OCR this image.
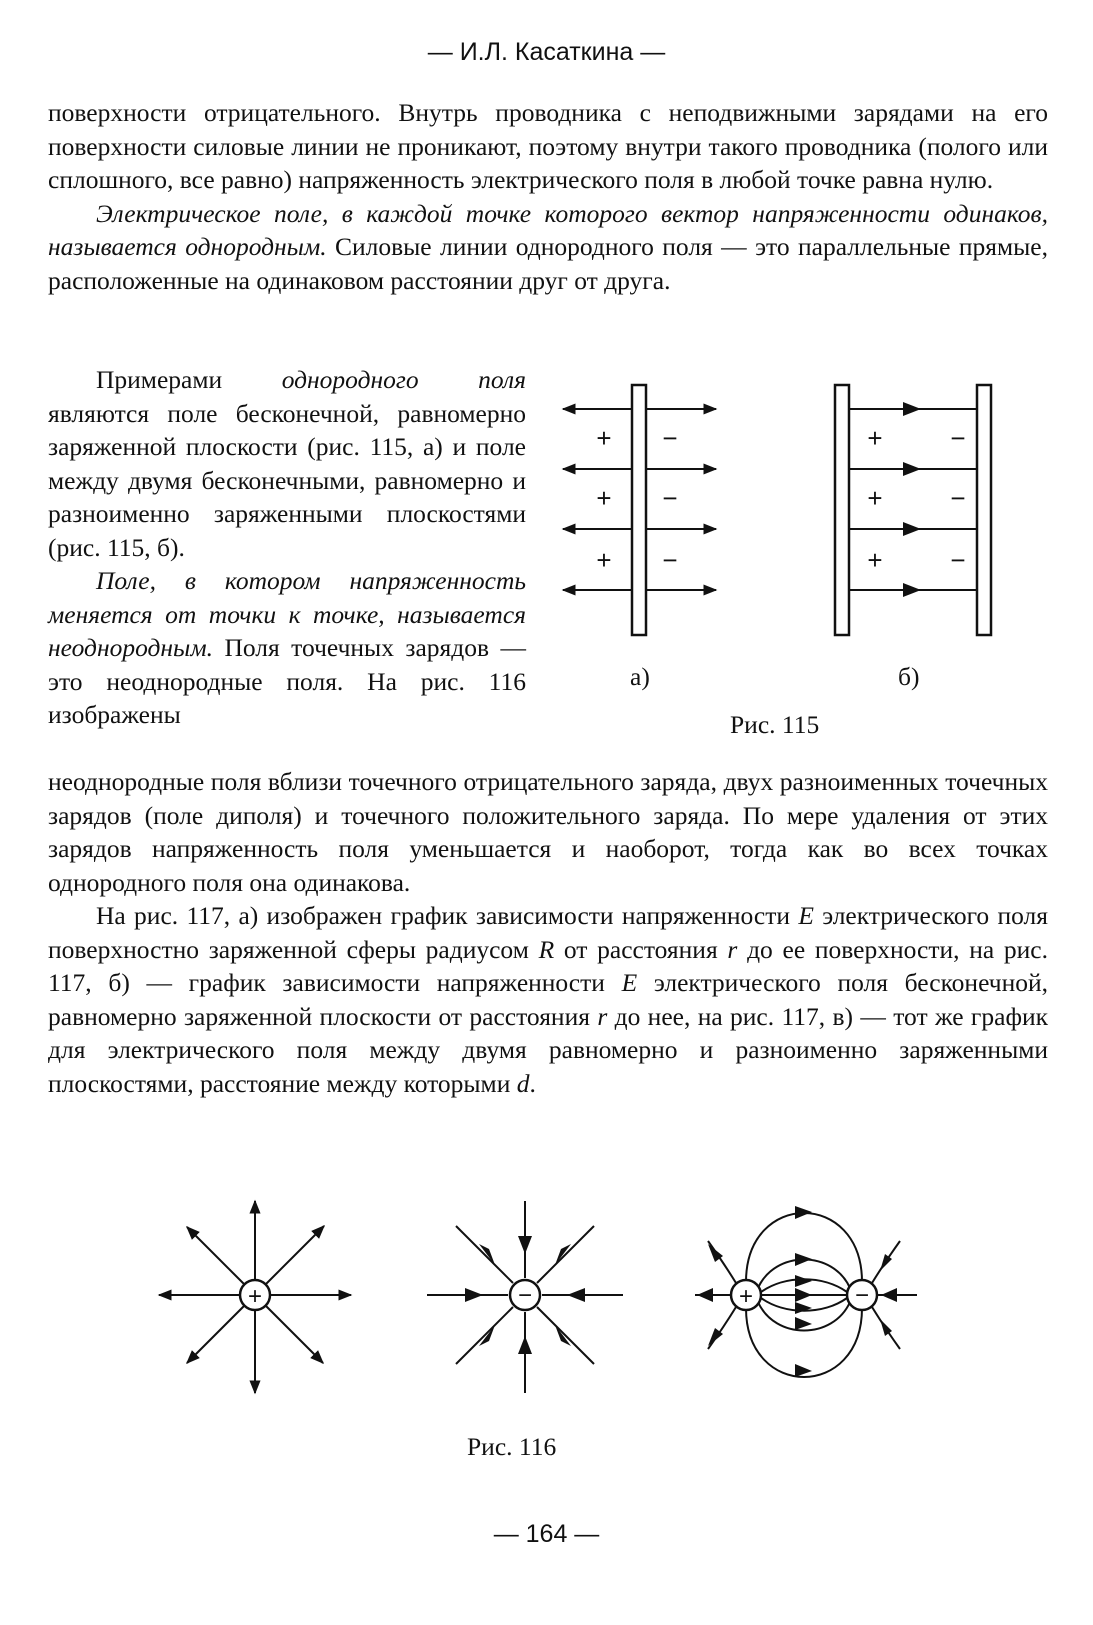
— И.Л. Касаткина —

поверхности отрицательного. Внутрь проводника с неподвижными зарядами на его поверхности силовые линии не проникают, поэтому внутри такого проводника (полого или сплошного, все равно) напряженность электрического поля в любой точке равна нулю.

Электрическое поле, в каждой точке которого вектор напряженности одинаков, называется однородным. Силовые линии однородного поля — это параллельные прямые, расположенные на одинаковом расстоянии друг от друга.

Примерами однородного поля являются поле бесконечной, равномерно заряженной плоскости (рис. 115, а) и поле между двумя бесконечными, равномерно и разноименно заряженными плоскостями (рис. 115, б).

Поле, в котором напряженность меняется от точки к точке, называется неоднородным. Поля точечных зарядов — это неоднородные поля. На рис. 116 изображены

неоднородные поля вблизи точечного отрицательного заряда, двух разноименных точечных зарядов (поле диполя) и точечного положительного заряда. По мере удаления от этих зарядов напряженность поля уменьшается и наоборот, тогда как во всех точках однородного поля она одинакова.

На рис. 117, а) изображен график зависимости напряженности E электрического поля поверхностно заряженной сферы радиусом R от расстояния r до ее поверхности, на рис. 117, б) — график зависимости напряженности E электрического поля бесконечной, равномерно заряженной плоскости от расстояния r до нее, на рис. 117, в) — тот же график для электрического поля между двумя равномерно и разноименно заряженными плоскостями, расстояние между которыми d.

+
+
+
−
−
−
+
+
+
−
−
−
а)	б)
Рис. 115
+	−	+	−
Рис. 116
— 164 —
